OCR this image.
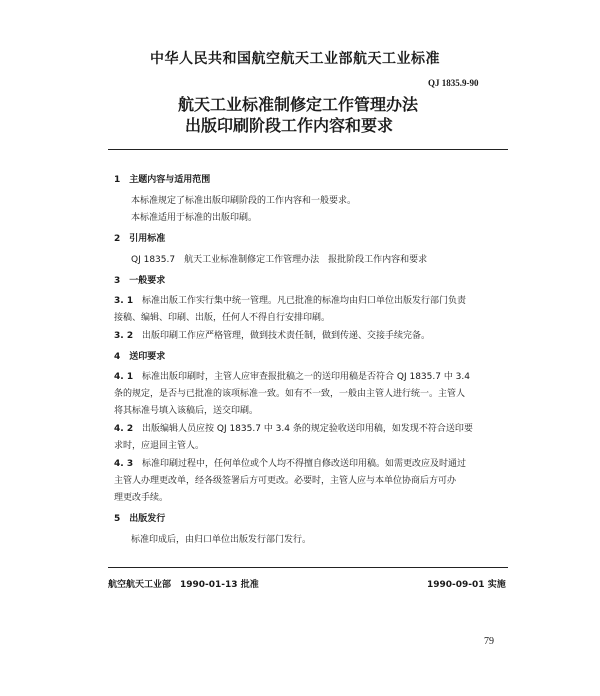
中华人民共和国航空航天工业部航天工业标准
QJ 1835.9-90
航天工业标准制修定工作管理办法
出版印刷阶段工作内容和要求
1　主题内容与适用范围
本标准规定了标准出版印刷阶段的工作内容和一般要求。
本标准适用于标准的出版印刷。
2　引用标准
QJ 1835.7　航天工业标准制修定工作管理办法　报批阶段工作内容和要求
3　一般要求
3. 1 标准出版工作实行集中统一管理。凡已批准的标准均由归口单位出版发行部门负责
接稿、编辑、印刷、出版，任何人不得自行安排印刷。
3. 2 出版印刷工作应严格管理，做到技术责任制，做到传递、交接手续完备。
4　送印要求
4. 1 标准出版印刷时，主管人应审查报批稿之一的送印用稿是否符合 QJ 1835.7 中 3.4
条的规定，是否与已批准的该项标准一致。如有不一致，一般由主管人进行统一。主管人
将其标准号填入该稿后，送交印刷。
4. 2 出版编辑人员应按 QJ 1835.7 中 3.4 条的规定验收送印用稿，如发现不符合送印要
求时，应退回主管人。
4. 3 标准印刷过程中，任何单位或个人均不得擅自修改送印用稿。如需更改应及时通过
主管人办理更改单，经各级签署后方可更改。必要时，主管人应与本单位协商后方可办
理更改手续。
5　出版发行
标准印成后，由归口单位出版发行部门发行。
航空航天工业部　1990-01-13 批准	1990-09-01 实施
79
